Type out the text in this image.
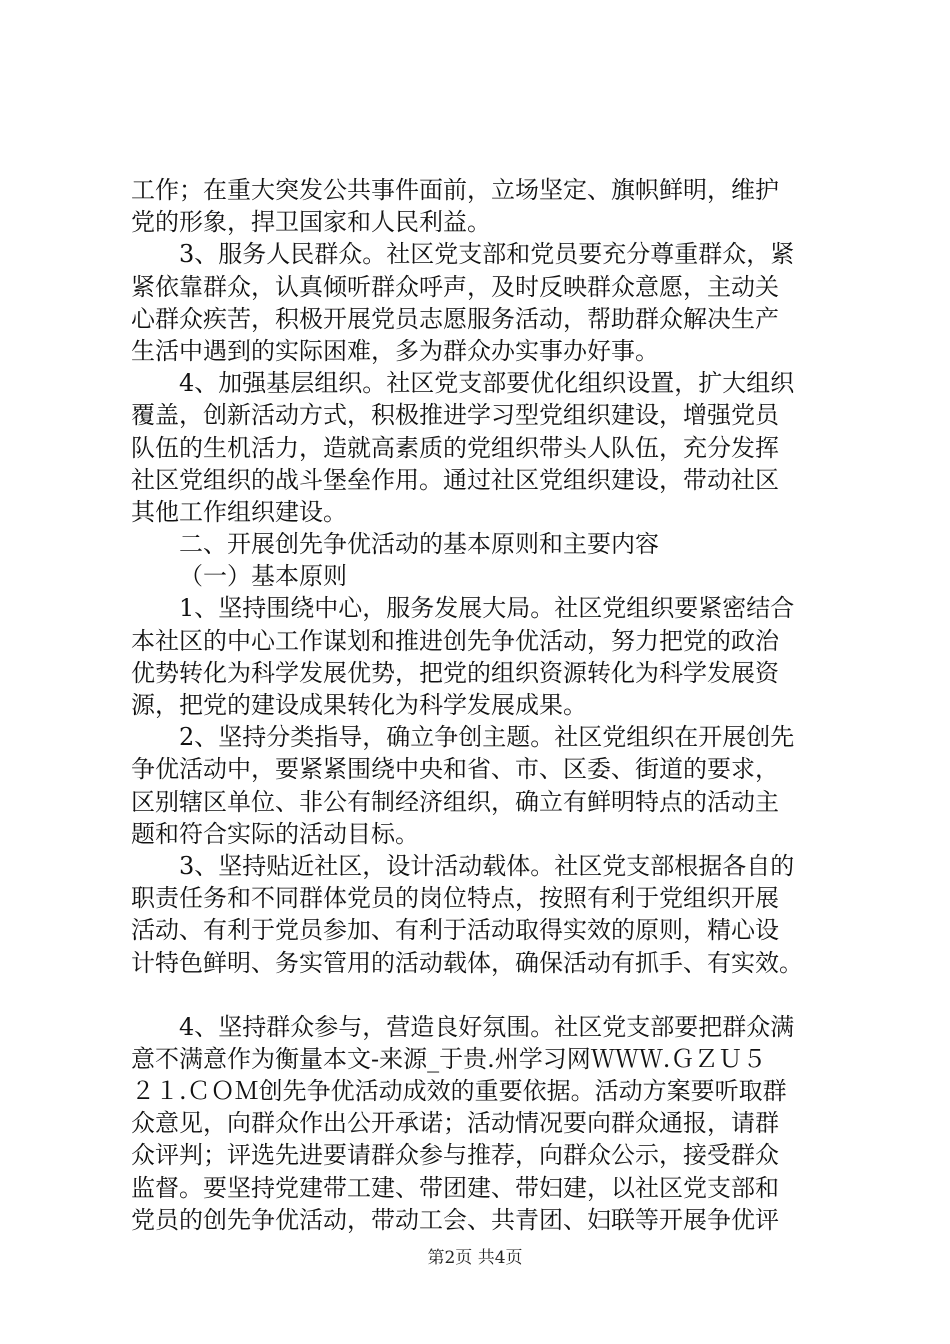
工作；在重大突发公共事件面前，立场坚定、旗帜鲜明，维护
党的形象，捍卫国家和人民利益。
3、服务人民群众。社区党支部和党员要充分尊重群众，紧
紧依靠群众，认真倾听群众呼声，及时反映群众意愿，主动关
心群众疾苦，积极开展党员志愿服务活动，帮助群众解决生产
生活中遇到的实际困难，多为群众办实事办好事。
4、加强基层组织。社区党支部要优化组织设置，扩大组织
覆盖，创新活动方式，积极推进学习型党组织建设，增强党员
队伍的生机活力，造就高素质的党组织带头人队伍，充分发挥
社区党组织的战斗堡垒作用。通过社区党组织建设，带动社区
其他工作组织建设。
二、开展创先争优活动的基本原则和主要内容
（一）基本原则
1、坚持围绕中心，服务发展大局。社区党组织要紧密结合
本社区的中心工作谋划和推进创先争优活动，努力把党的政治
优势转化为科学发展优势，把党的组织资源转化为科学发展资
源，把党的建设成果转化为科学发展成果。
2、坚持分类指导，确立争创主题。社区党组织在开展创先
争优活动中，要紧紧围绕中央和省、市、区委、街道的要求，
区别辖区单位、非公有制经济组织，确立有鲜明特点的活动主
题和符合实际的活动目标。
3、坚持贴近社区，设计活动载体。社区党支部根据各自的
职责任务和不同群体党员的岗位特点，按照有利于党组织开展
活动、有利于党员参加、有利于活动取得实效的原则，精心设
计特色鲜明、务实管用的活动载体，确保活动有抓手、有实效。
4、坚持群众参与，营造良好氛围。社区党支部要把群众满
意不满意作为衡量本文-来源_于贵.州学习网ＷＷＷ.ＧＺＵ５
２１.ＣＯＭ创先争优活动成效的重要依据。活动方案要听取群
众意见，向群众作出公开承诺；活动情况要向群众通报，请群
众评判；评选先进要请群众参与推荐，向群众公示，接受群众
监督。要坚持党建带工建、带团建、带妇建，以社区党支部和
党员的创先争优活动，带动工会、共青团、妇联等开展争优评
第2页 共4页
